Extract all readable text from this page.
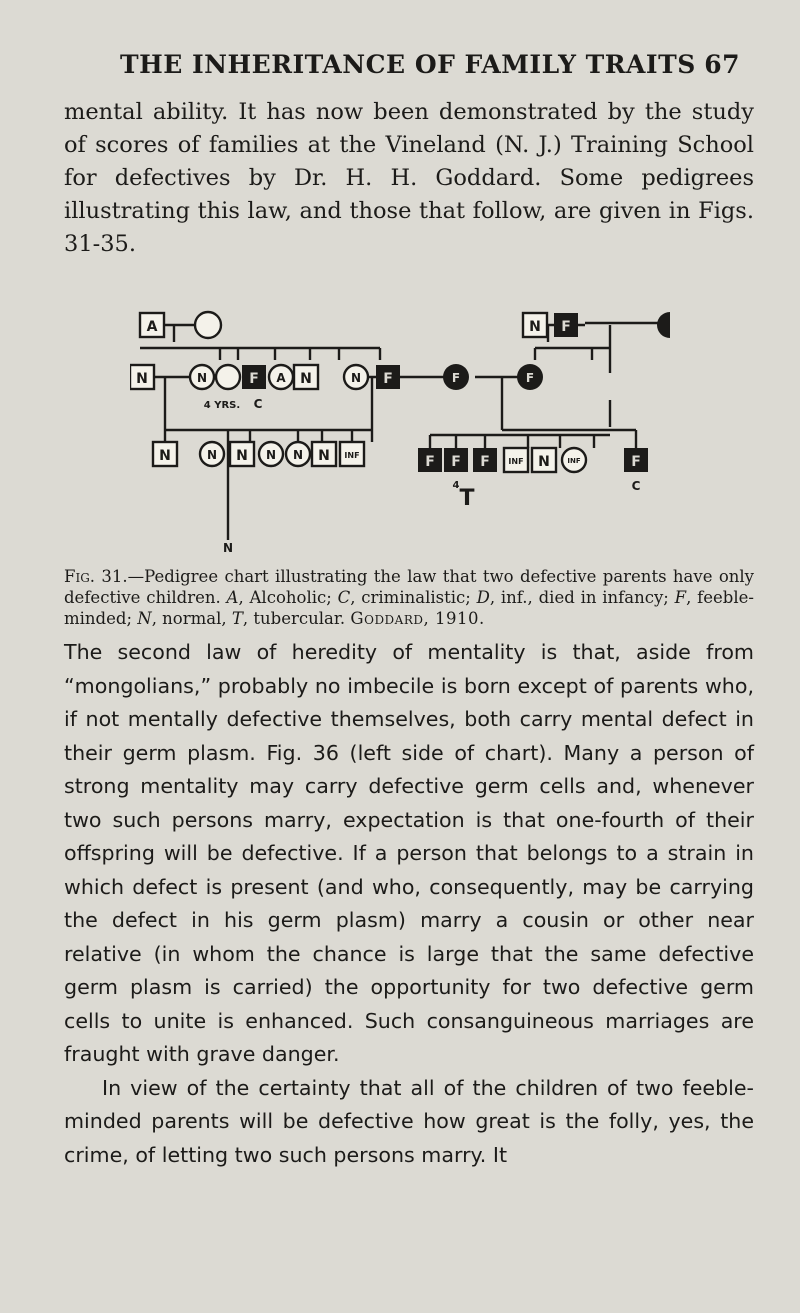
THE INHERITANCE OF FAMILY TRAITS 67
mental ability. It has now been demonstrated by the study of scores of families at the Vineland (N. J.) Training School for defectives by Dr. H. H. Goddard. Some pedigrees illustrating this law, and those that follow, are given in Figs. 31-35.
A	N F
N	N
4 YRS.
F
C
A N	N F	F	F
N	N N N N N INF
N
F F
4
F INF N	INF	F
C
T
Fig. 31.—Pedigree chart illustrating the law that two defective parents have only defective children. A, Alcoholic; C, criminalistic; D, inf., died in infancy; F, feeble-minded; N, normal, T, tubercular. Goddard, 1910.

The second law of heredity of mentality is that, aside from “mongolians,” probably no imbecile is born except of parents who, if not mentally defective themselves, both carry mental defect in their germ plasm. Fig. 36 (left side of chart). Many a person of strong mentality may carry defective germ cells and, whenever two such persons marry, expectation is that one-fourth of their offspring will be defective. If a person that belongs to a strain in which defect is present (and who, consequently, may be carrying the defect in his germ plasm) marry a cousin or other near relative (in whom the chance is large that the same defective germ plasm is carried) the opportunity for two defective germ cells to unite is enhanced. Such consanguineous marriages are fraught with grave danger.

In view of the certainty that all of the children of two feeble-minded parents will be defective how great is the folly, yes, the crime, of letting two such persons marry. It
